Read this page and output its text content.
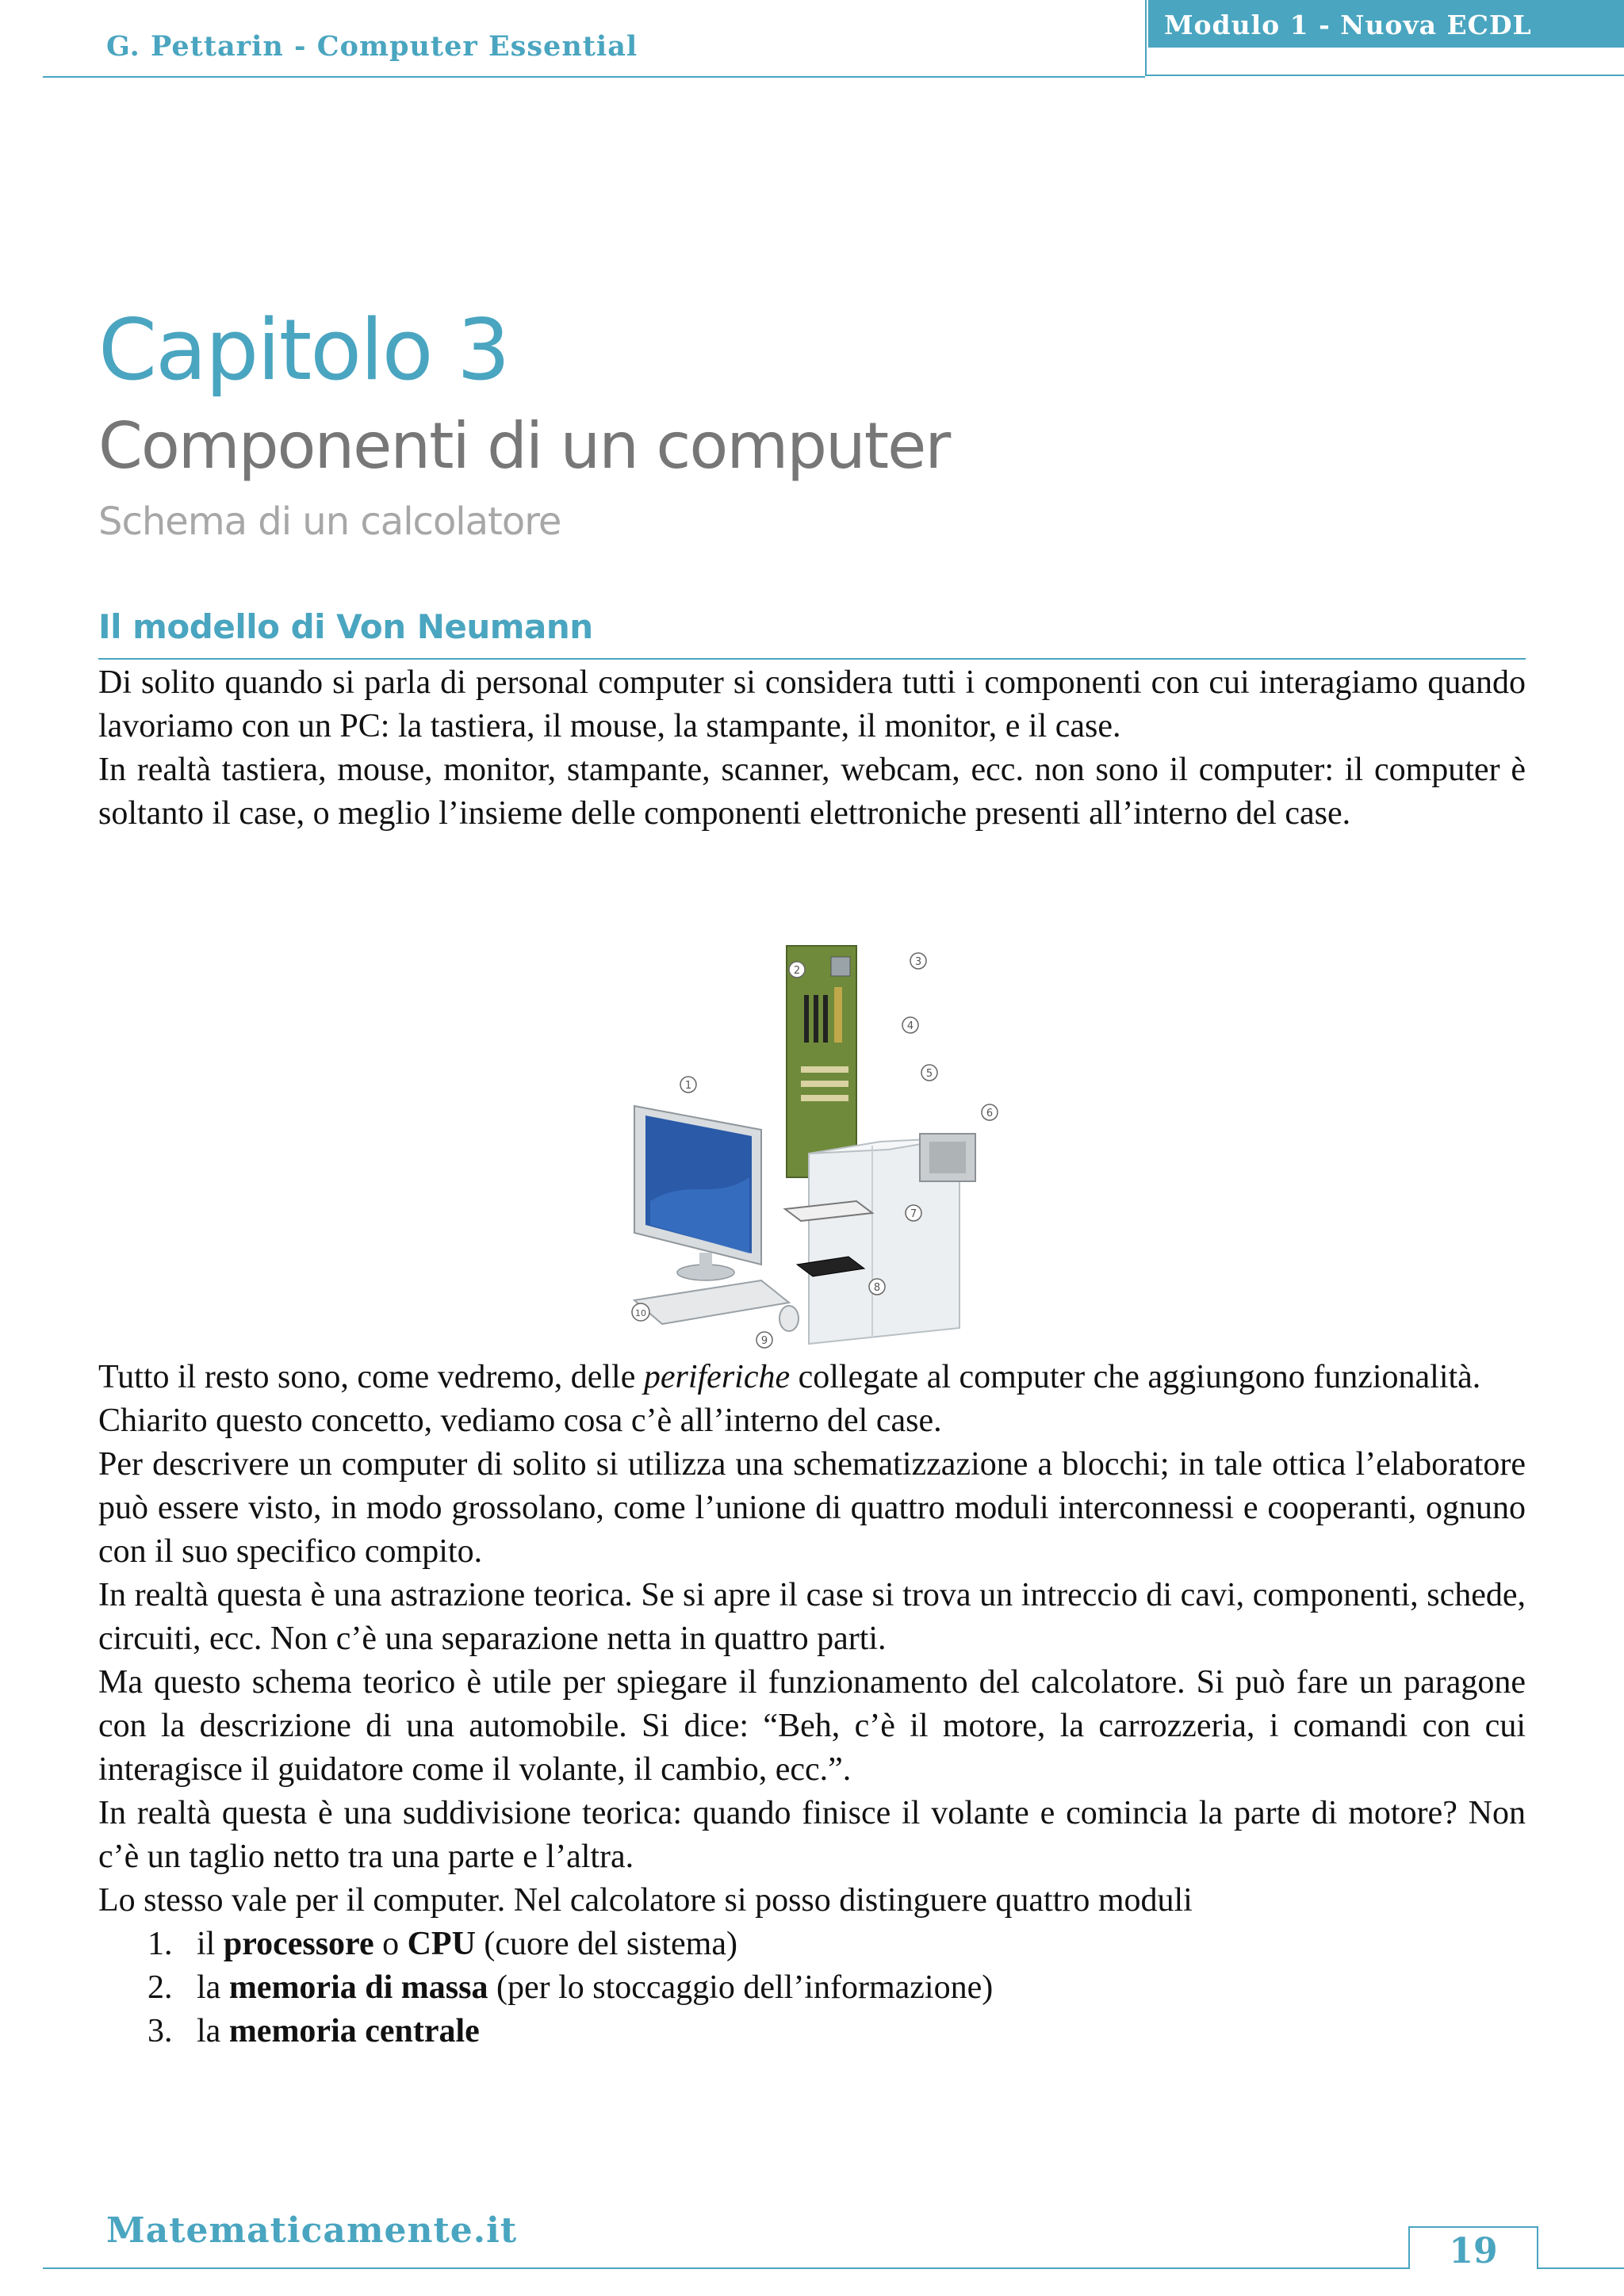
G. Pettarin - Computer Essential
Modulo 1 - Nuova ECDL
Capitolo 3
Componenti di un computer
Schema di un calcolatore
Il modello di Von Neumann

Di solito quando si parla di personal computer si considera tutti i componenti con cui interagiamo quando lavoriamo con un PC: la tastiera, il mouse, la stampante, il monitor, e il case.

In realtà tastiera, mouse, monitor, stampante, scanner, webcam, ecc. non sono il computer: il computer è soltanto il case, o meglio l’insieme delle componenti elettroniche presenti all’interno del case.

1
2
3
4
5
6
7
8
9
10

Tutto il resto sono, come vedremo, delle periferiche collegate al computer che aggiungono funzionalità.

Chiarito questo concetto, vediamo cosa c’è all’interno del case.

Per descrivere un computer di solito si utilizza una schematizzazione a blocchi; in tale ottica l’elaboratore può essere visto, in modo grossolano, come l’unione di quattro moduli interconnessi e cooperanti, ognuno con il suo specifico compito.

In realtà questa è una astrazione teorica. Se si apre il case si trova un intreccio di cavi, componenti, schede, circuiti, ecc. Non c’è una separazione netta in quattro parti.

Ma questo schema teorico è utile per spiegare il funzionamento del calcolatore. Si può fare un paragone con la descrizione di una automobile. Si dice: “Beh, c’è il motore, la carrozzeria, i comandi con cui interagisce il guidatore come il volante, il cambio, ecc.”.

In realtà questa è una suddivisione teorica: quando finisce il volante e comincia la parte di motore? Non c’è un taglio netto tra una parte e l’altra.

Lo stesso vale per il computer. Nel calcolatore si posso distinguere quattro moduli

1. il processore o CPU (cuore del sistema)
2. la memoria di massa (per lo stoccaggio dell’informazione)
3. la memoria centrale
Matematicamente.it
19
